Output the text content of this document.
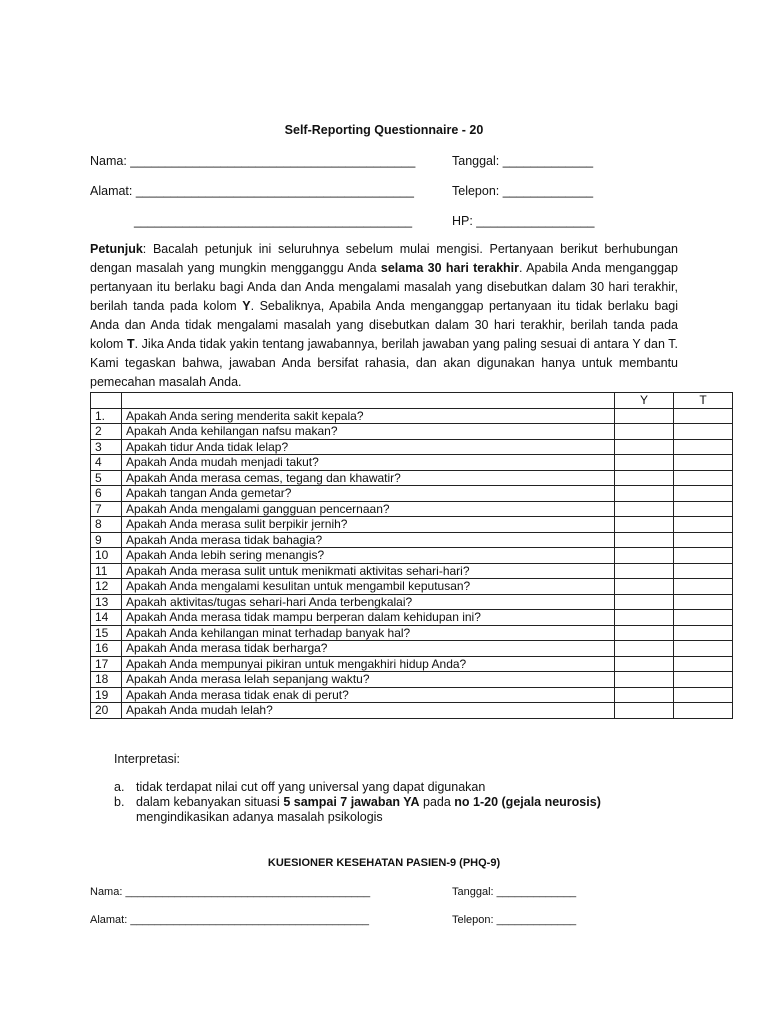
Self-Reporting Questionnaire - 20
Nama: _________________________________________	Tanggal: _____________
Alamat: ________________________________________	Telepon: _____________
________________________________________	HP: _________________
Petunjuk: Bacalah petunjuk ini seluruhnya sebelum mulai mengisi. Pertanyaan berikut berhubungan dengan masalah yang mungkin mengganggu Anda selama 30 hari terakhir. Apabila Anda menganggap pertanyaan itu berlaku bagi Anda dan Anda mengalami masalah yang disebutkan dalam 30 hari terakhir, berilah tanda pada kolom Y. Sebaliknya, Apabila Anda menganggap pertanyaan itu tidak berlaku bagi Anda dan Anda tidak mengalami masalah yang disebutkan dalam 30 hari terakhir, berilah tanda pada kolom T. Jika Anda tidak yakin tentang jawabannya, berilah jawaban yang paling sesuai di antara Y dan T. Kami tegaskan bahwa, jawaban Anda bersifat rahasia, dan akan digunakan hanya untuk membantu pemecahan masalah Anda.
		Y	T
1.	Apakah Anda sering menderita sakit kepala?		
2	Apakah Anda kehilangan nafsu makan?		
3	Apakah tidur Anda tidak lelap?		
4	Apakah Anda mudah menjadi takut?		
5	Apakah Anda merasa cemas, tegang dan khawatir?		
6	Apakah tangan Anda gemetar?		
7	Apakah Anda mengalami gangguan pencernaan?		
8	Apakah Anda merasa sulit berpikir jernih?		
9	Apakah Anda merasa tidak bahagia?		
10	Apakah Anda lebih sering menangis?		
11	Apakah Anda merasa sulit untuk menikmati aktivitas sehari-hari?		
12	Apakah Anda mengalami kesulitan untuk mengambil keputusan?		
13	Apakah aktivitas/tugas sehari-hari Anda terbengkalai?		
14	Apakah Anda merasa tidak mampu berperan dalam kehidupan ini?		
15	Apakah Anda kehilangan minat terhadap banyak hal?		
16	Apakah Anda merasa tidak berharga?		
17	Apakah Anda mempunyai pikiran untuk mengakhiri hidup Anda?		
18	Apakah Anda merasa lelah sepanjang waktu?		
19	Apakah Anda merasa tidak enak di perut?		
20	Apakah Anda mudah lelah?		
Interpretasi:
a. tidak terdapat nilai cut off yang universal yang dapat digunakan
b. dalam kebanyakan situasi 5 sampai 7 jawaban YA pada no 1-20 (gejala neurosis)
mengindikasikan adanya masalah psikologis
KUESIONER KESEHATAN PASIEN-9 (PHQ-9)
Nama: ________________________________________	Tanggal: _____________
Alamat: _______________________________________	Telepon: _____________
